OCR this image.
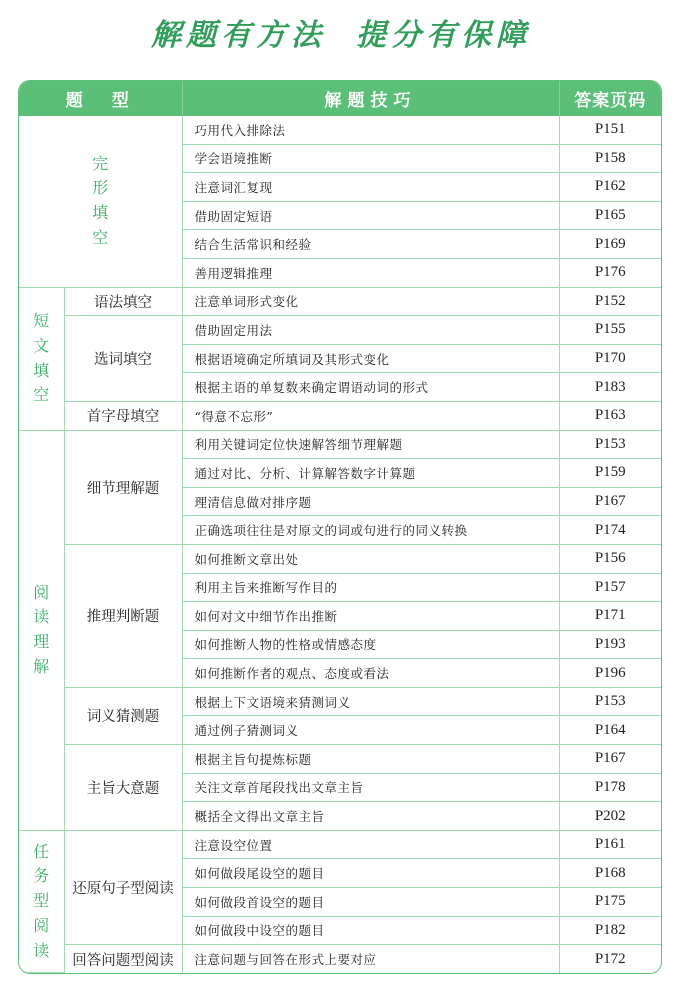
解题有方法 提分有保障
题　型		解题技巧	答案页码
完形填空		巧用代入排除法	P151
		学会语境推断	P158
		注意词汇复现	P162
		借助固定短语	P165
		结合生活常识和经验	P169
		善用逻辑推理	P176
短文填空	语法填空	注意单词形式变化	P152
	选词填空	借助固定用法	P155
		根据语境确定所填词及其形式变化	P170
		根据主语的单复数来确定谓语动词的形式	P183
	首字母填空	“得意不忘形”	P163
阅读理解	细节理解题	利用关键词定位快速解答细节理解题	P153
		通过对比、分析、计算解答数字计算题	P159
		理清信息做对排序题	P167
		正确选项往往是对原文的词或句进行的同义转换	P174
	推理判断题	如何推断文章出处	P156
		利用主旨来推断写作目的	P157
		如何对文中细节作出推断	P171
		如何推断人物的性格或情感态度	P193
		如何推断作者的观点、态度或看法	P196
	词义猜测题	根据上下文语境来猜测词义	P153
		通过例子猜测词义	P164
	主旨大意题	根据主旨句提炼标题	P167
		关注文章首尾段找出文章主旨	P178
		概括全文得出文章主旨	P202
任务型阅读	还原句子型阅读	注意设空位置	P161
		如何做段尾设空的题目	P168
		如何做段首设空的题目	P175
		如何做段中设空的题目	P182
	回答问题型阅读	注意问题与回答在形式上要对应	P172
